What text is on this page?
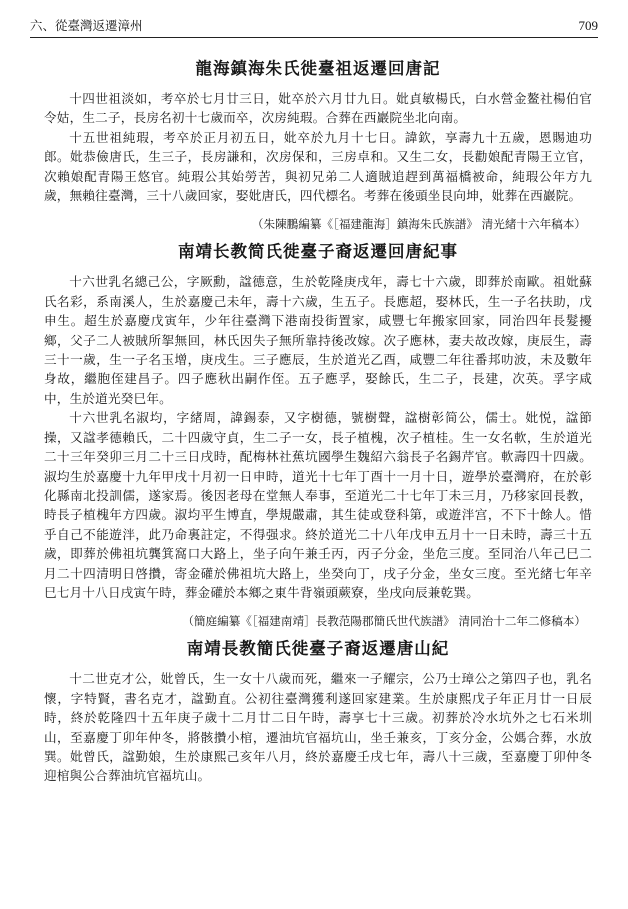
六、從臺灣返遷漳州	709
龍海鎮海朱氏徙臺祖返遷回唐記

十四世祖淡如，考卒於七月廿三日，妣卒於六月廿九日。妣貞敏楊氏，白水營金鳌社楊伯官令姑，生二子，長房名初十七歲而卒，次房純瑕。合葬在西巖院坐北向南。

十五世祖純瑕，考卒於正月初五日，妣卒於九月十七日。諱欽，享壽九十五歲，恩賜迪功郎。妣恭儉唐氏，生三子，長房謙和，次房保和，三房卓和。又生二女，長勸娘配青陽王立官，次賴娘配青陽王悠官。純瑕公其始勞苦，與初兄弟二人適賊追趕到萬福橋被命，純瑕公年方九歲，無賴往臺灣，三十八歲回家，娶妣唐氏，四代標名。考葬在後頭坐艮向坤，妣葬在西巖院。

（朱陳鵬編纂《［福建龍海］鎮海朱氏族譜》 清光緒十六年稿本）
南靖长教简氏徙臺子裔返遷回唐紀事

十六世乳名總己公，字厥勳，諡德意，生於乾隆庚戌年，壽七十六歲，即葬於南歐。祖妣蘇氏名彩，系南溪人，生於嘉慶己未年，壽十六歲，生五子。長應超，娶林氏，生一子名扶助，戊申生。超生於嘉慶戊寅年，少年往臺灣下港南投街置家，咸豐七年搬家回家，同治四年長髮擾鄉，父子二人被賊所挐無回，林氏因失子無所靠持後改嫁。次子應林，妻夫故改嫁，庚辰生，壽三十一歲，生一子名玉增，庚戌生。三子應辰，生於道光乙酉，咸豐二年往番邦叻波，未及數年身故，繼胞侄建昌子。四子應秋出嗣作侄。五子應孚，娶餘氏，生二子，長建，次英。孚字咸中，生於道光癸巳年。

十六世乳名淑均，字緒周，諱錫泰，又字樹德，號樹聲，諡樹彰简公，儒士。妣悦，諡節操，又諡孝德賴氏，二十四歲守貞，生二子一女，長子植槐，次子植桂。生一女名軟，生於道光二十三年癸卯三月二十三日戌時，配梅林社蕉坑國學生魏紹六翁長子名錫芹官。軟壽四十四歲。淑均生於嘉慶十九年甲戌十月初一日申時，道光十七年丁酉十一月十日，遊學於臺灣府，在於彰化縣南北投訓儒，遂家焉。後因老母在堂無人奉事，至道光二十七年丁未三月，乃移家回長教，時長子植槐年方四歲。淑均平生博直，學規嚴肅，其生徒或登科第，或遊泮宫，不下十餘人。惜乎自己不能遊泮，此乃命裏註定，不得强求。終於道光二十八年戊申五月十一日未時，壽三十五歲，即葬於佛祖坑龔箕窩口大路上，坐子向午兼壬丙，丙子分金，坐危三度。至同治八年己巳二月二十四清明日啓攢，寄金礶於佛祖坑大路上，坐癸向丁，戌子分金，坐女三度。至光緒七年辛巳七月十八日戌寅午時，葬金礶於本鄉之東牛背嶺頭蕨寮，坐戌向辰兼乾巽。

（簡庭編纂《［福建南靖］長教范陽郡簡氏世代族譜》 清同治十二年二修稿本）
南靖長教簡氏徙臺子裔返遷唐山紀

十二世克才公，妣曾氏，生一女十八歲而死，繼來一子耀宗，公乃士璋公之第四子也，乳名懷，字特賢，書名克才，諡勤直。公初往臺灣獲利遂回家建業。生於康熙戊子年正月廿一日辰時，終於乾隆四十五年庚子歲十二月廿二日午時，壽享七十三歲。初葬於冷水坑外之七石米圳山，至嘉慶丁卯年仲冬，將骸攢小棺，遷油坑官福坑山，坐壬兼亥，丁亥分金，公媽合葬，水放巽。妣曾氏，諡勤娘，生於康熙己亥年八月，終於嘉慶壬戌七年，壽八十三歲，至嘉慶丁卯仲冬迎棺與公合葬油坑官福坑山。
